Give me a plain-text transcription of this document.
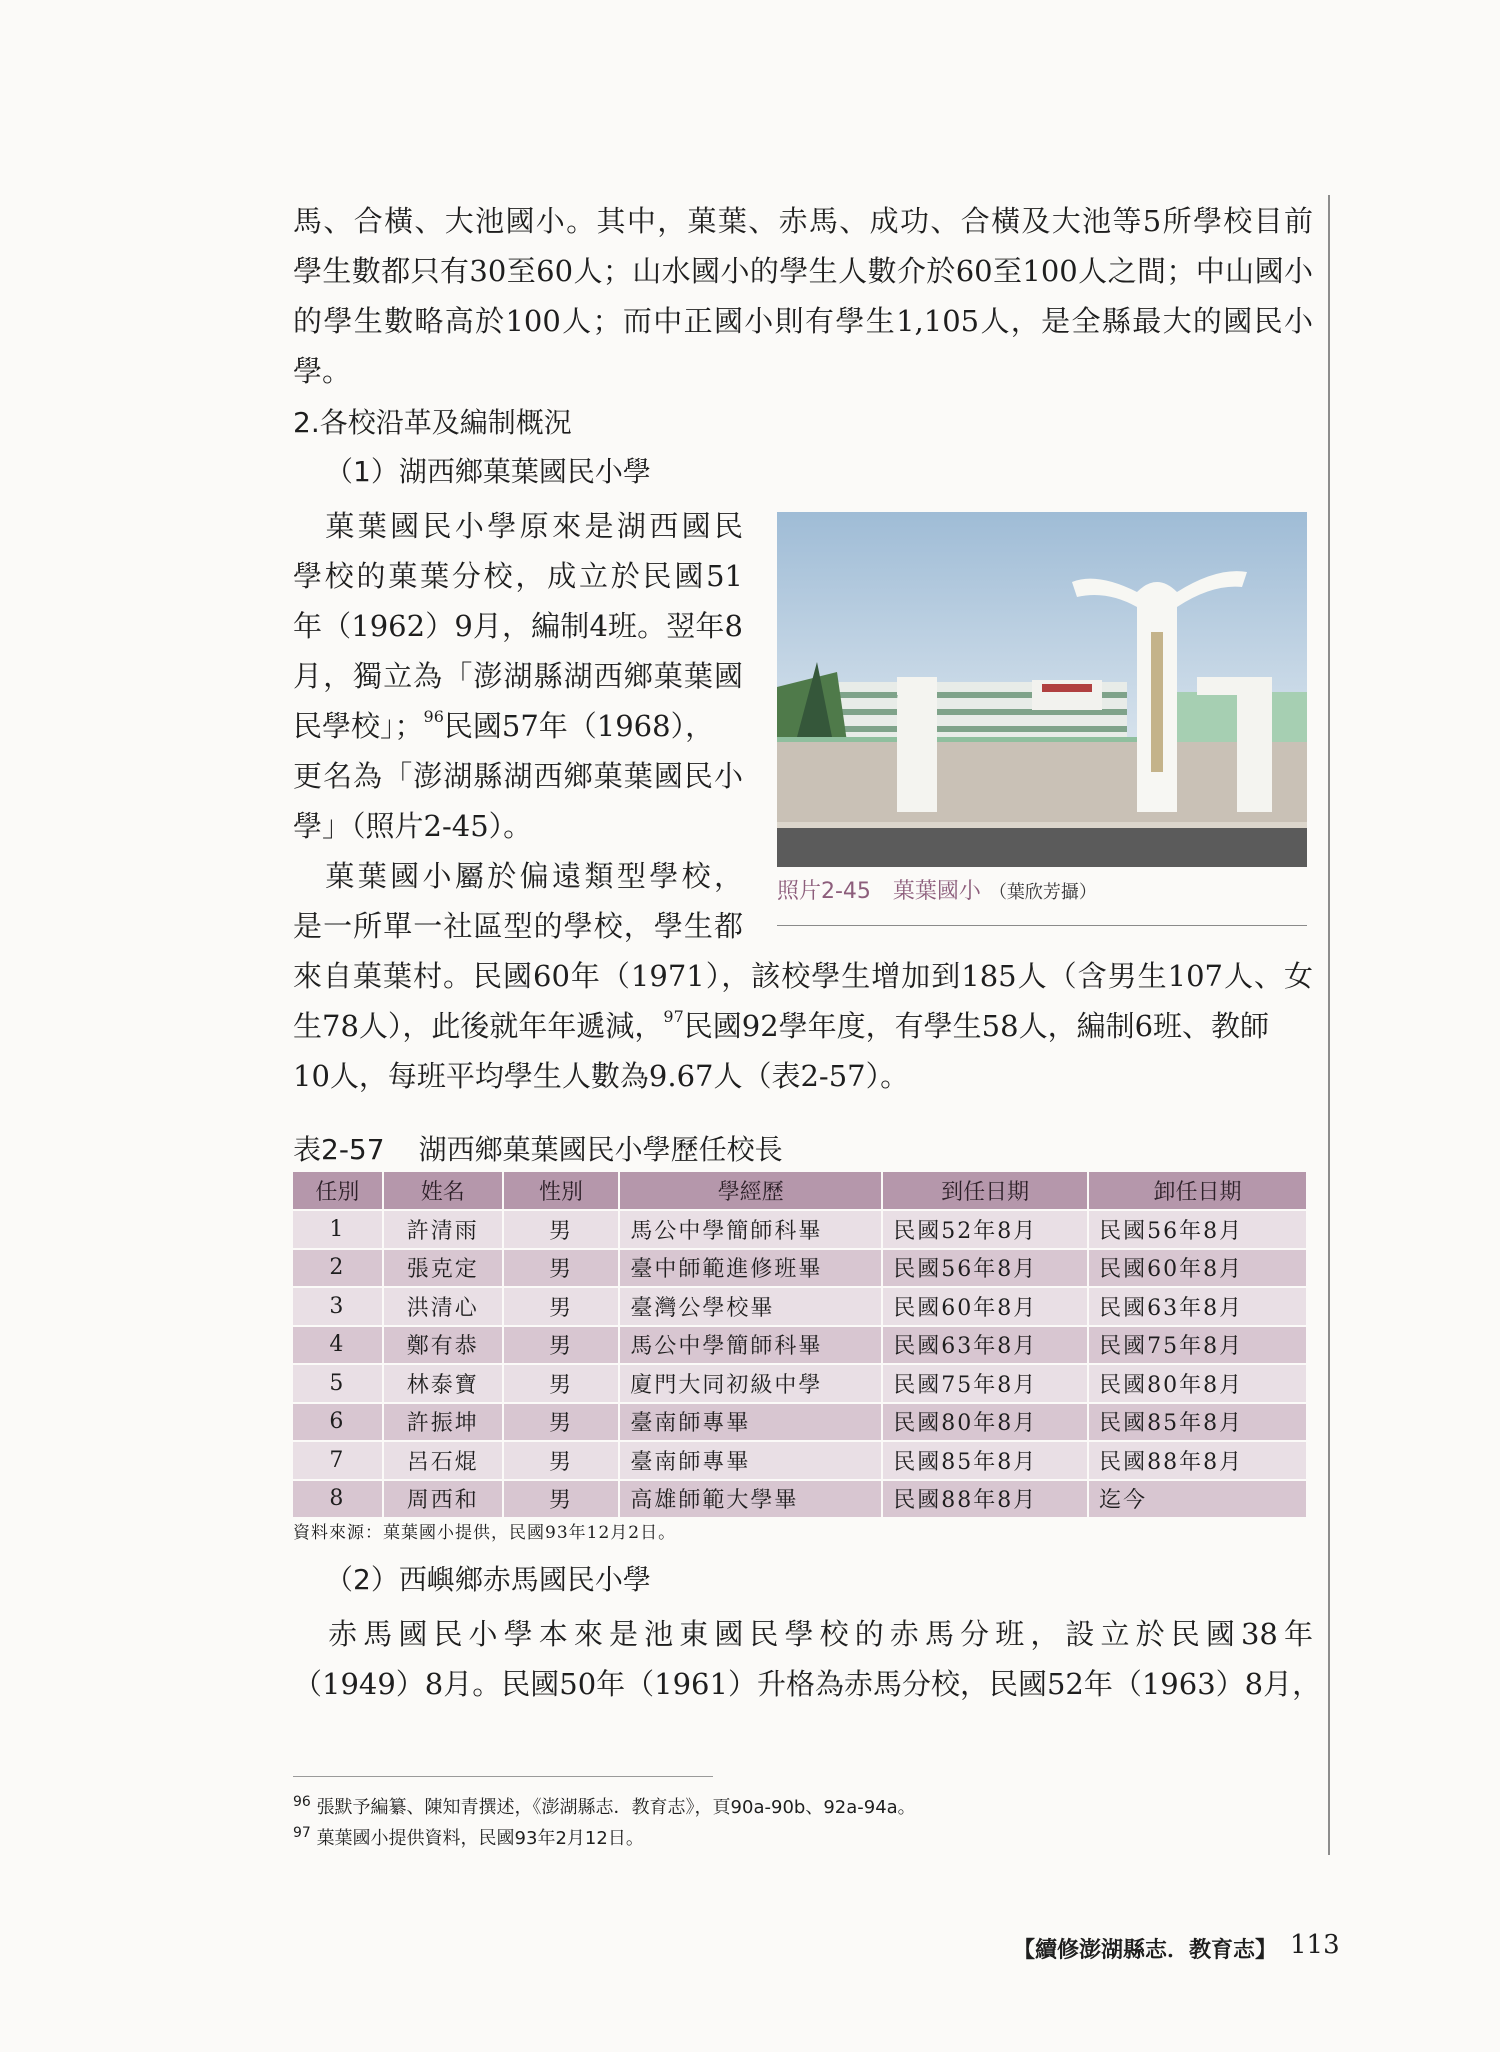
馬、合橫、大池國小。其中，菓葉、赤馬、成功、合橫及大池等5所學校目前
學生數都只有30至60人；山水國小的學生人數介於60至100人之間；中山國小
的學生數略高於100人；而中正國小則有學生1,105人，是全縣最大的國民小
學。
2.各校沿革及編制概況
（1）湖西鄉菓葉國民小學
　菓葉國民小學原來是湖西國民
學校的菓葉分校，成立於民國51
年（1962）9月，編制4班。翌年8
月，獨立為「澎湖縣湖西鄉菓葉國
民學校」；$^{96}$民國57年（1968），
更名為「澎湖縣湖西鄉菓葉國民小
學」（照片2-45）。
　菓葉國小屬於偏遠類型學校，
是一所單一社區型的學校，學生都
照片2-45　菓葉國小 （葉欣芳攝）
來自菓葉村。民國60年（1971），該校學生增加到185人（含男生107人、女
生78人），此後就年年遞減，$^{97}$民國92學年度，有學生58人，編制6班、教師
10人，每班平均學生人數為9.67人（表2-57）。
表2-57 湖西鄉菓葉國民小學歷任校長
任別	姓名	性別	學經歷	到任日期	卸任日期
1	許清雨	男	馬公中學簡師科畢	民國52年8月	民國56年8月
2	張克定	男	臺中師範進修班畢	民國56年8月	民國60年8月
3	洪清心	男	臺灣公學校畢	民國60年8月	民國63年8月
4	鄭有恭	男	馬公中學簡師科畢	民國63年8月	民國75年8月
5	林泰寶	男	廈門大同初級中學	民國75年8月	民國80年8月
6	許振坤	男	臺南師專畢	民國80年8月	民國85年8月
7	呂石焜	男	臺南師專畢	民國85年8月	民國88年8月
8	周西和	男	高雄師範大學畢	民國88年8月	迄今
資料來源：菓葉國小提供，民國93年12月2日。
（2）西嶼鄉赤馬國民小學
　赤馬國民小學本來是池東國民學校的赤馬分班，設立於民國38年
（1949）8月。民國50年（1961）升格為赤馬分校，民國52年（1963）8月，
$^{96}$ 張默予編纂、陳知青撰述，《澎湖縣志．教育志》，頁90a-90b、92a-94a。
$^{97}$ 菓葉國小提供資料，民國93年2月12日。
【續修澎湖縣志．教育志】 113
